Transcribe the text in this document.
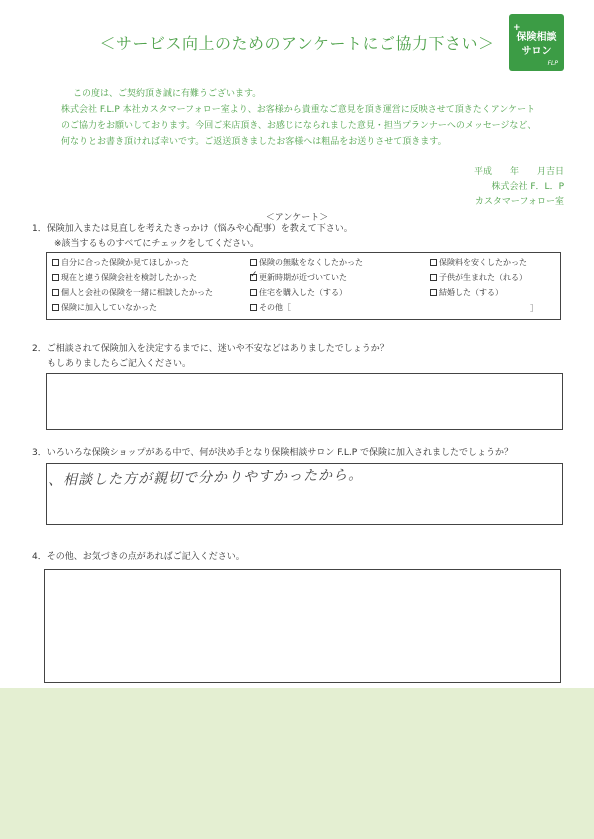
＜サービス向上のためのアンケートにご協力下さい＞
+
保険相談
サロン
FLP

この度は、ご契約頂き誠に有難うございます。

株式会社 F.L.P 本社カスタマーフォロー室より、お客様から貴重なご意見を頂き運営に反映させて頂きたくアンケート

のご協力をお願いしております。今回ご来店頂き、お感じになられました意見・担当プランナーへのメッセージなど、

何なりとお書き頂ければ幸いです。ご返送頂きましたお客様へは粗品をお送りさせて頂きます。

平成　　年　　月吉日

株式会社 F．L．P

カスタマーフォロー室

＜アンケート＞

1．保険加入または見直しを考えたきっかけ（悩みや心配事）を教えて下さい。

※該当するものすべてにチェックをしてください。

自分に合った保険か見てほしかった	保険の無駄をなくしたかった	保険料を安くしたかった
現在と違う保険会社を検討したかった
✓	更新時期が近づいていた	子供が生まれた（れる）
個人と会社の保険を一緒に相談したかった	住宅を購入した（する）	結婚した（する）
保険に加入していなかった	その他［	］

2．ご相談されて保険加入を決定するまでに、迷いや不安などはありましたでしょうか？

もしありましたらご記入ください。

3．いろいろな保険ショップがある中で、何が決め手となり保険相談サロン F.L.P で保険に加入されましたでしょうか？

、相談した方が親切で分かりやすかったから。

4．その他、お気づきの点があればご記入ください。
